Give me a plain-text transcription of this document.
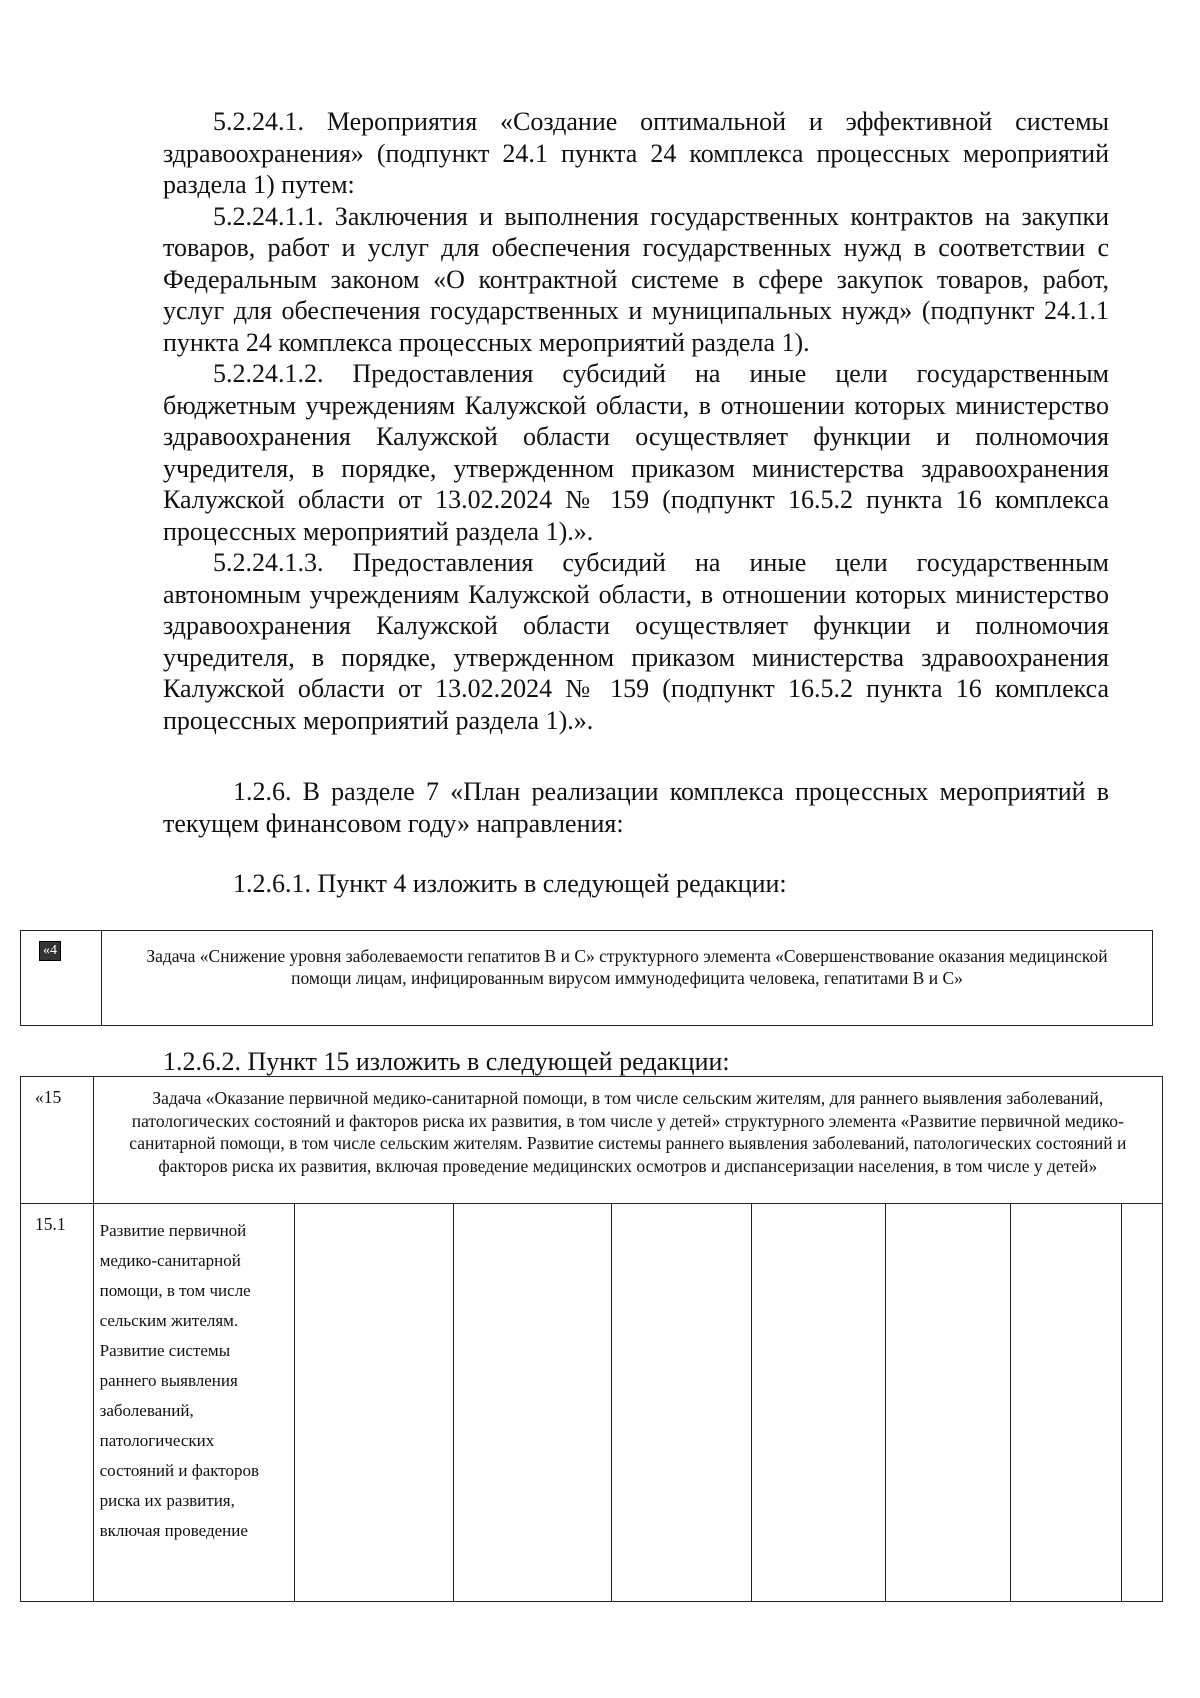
5.2.24.1. Мероприятия «Создание оптимальной и эффективной системы здравоохранения» (подпункт 24.1 пункта 24 комплекса процессных мероприятий раздела 1) путем:

5.2.24.1.1. Заключения и выполнения государственных контрактов на закупки товаров, работ и услуг для обеспечения государственных нужд в соответствии с Федеральным законом «О контрактной системе в сфере закупок товаров, работ, услуг для обеспечения государственных и муниципальных нужд» (подпункт 24.1.1 пункта 24 комплекса процессных мероприятий раздела 1).

5.2.24.1.2. Предоставления субсидий на иные цели государственным бюджетным учреждениям Калужской области, в отношении которых министерство здравоохранения Калужской области осуществляет функции и полномочия учредителя, в порядке, утвержденном приказом министерства здравоохранения Калужской области от 13.02.2024 № 159 (подпункт 16.5.2 пункта 16 комплекса процессных мероприятий раздела 1).».

5.2.24.1.3. Предоставления субсидий на иные цели государственным автономным учреждениям Калужской области, в отношении которых министерство здравоохранения Калужской области осуществляет функции и полномочия учредителя, в порядке, утвержденном приказом министерства здравоохранения Калужской области от 13.02.2024 № 159 (подпункт 16.5.2 пункта 16 комплекса процессных мероприятий раздела 1).».

1.2.6. В разделе 7 «План реализации комплекса процессных мероприятий в текущем финансовом году» направления:

1.2.6.1. Пункт 4 изложить в следующей редакции:

«4	Задача «Снижение уровня заболеваемости гепатитов В и С» структурного элемента «Совершенствование оказания медицинской помощи лицам, инфицированным вирусом иммунодефицита человека, гепатитами В и С»

1.2.6.2. Пункт 15 изложить в следующей редакции:

«15	Задача «Оказание первичной медико-санитарной помощи, в том числе сельским жителям, для раннего выявления заболеваний, патологических состояний и факторов риска их развития, в том числе у детей» структурного элемента «Развитие первичной медико-санитарной помощи, в том числе сельским жителям. Развитие системы раннего выявления заболеваний, патологических состояний и факторов риска их развития, включая проведение медицинских осмотров и диспансеризации населения, в том числе у детей»							
15.1	Развитие первичной медико-санитарной помощи, в том числе сельским жителям. Развитие системы раннего выявления заболеваний, патологических состояний и факторов риска их развития, включая проведение							
